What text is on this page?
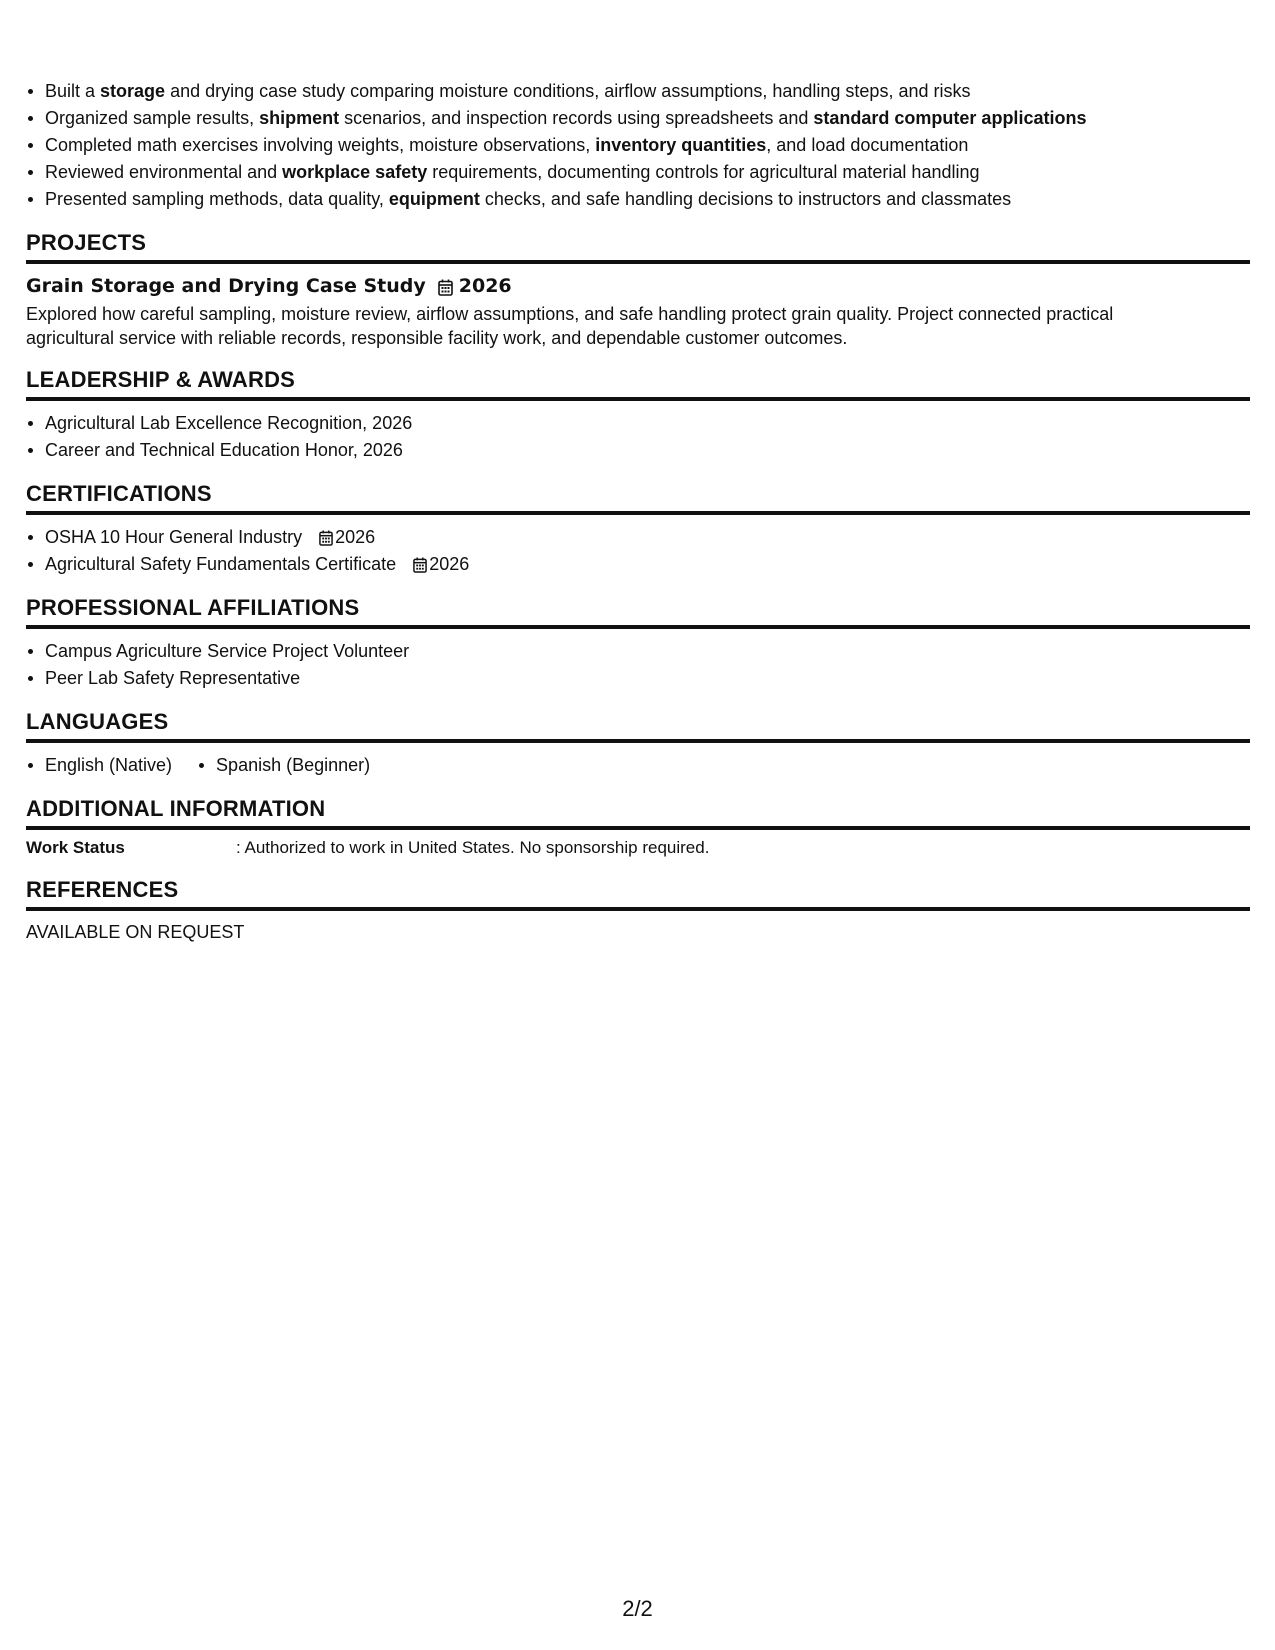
Built a storage and drying case study comparing moisture conditions, airflow assumptions, handling steps, and risks
Organized sample results, shipment scenarios, and inspection records using spreadsheets and standard computer applications
Completed math exercises involving weights, moisture observations, inventory quantities, and load documentation
Reviewed environmental and workplace safety requirements, documenting controls for agricultural material handling
Presented sampling methods, data quality, equipment checks, and safe handling decisions to instructors and classmates
PROJECTS
Grain Storage and Drying Case Study 2026
Explored how careful sampling, moisture review, airflow assumptions, and safe handling protect grain quality. Project connected practical agricultural service with reliable records, responsible facility work, and dependable customer outcomes.
LEADERSHIP & AWARDS
Agricultural Lab Excellence Recognition, 2026
Career and Technical Education Honor, 2026
CERTIFICATIONS
OSHA 10 Hour General Industry 2026
Agricultural Safety Fundamentals Certificate 2026
PROFESSIONAL AFFILIATIONS
Campus Agriculture Service Project Volunteer
Peer Lab Safety Representative
LANGUAGES
English (Native) Spanish (Beginner)
ADDITIONAL INFORMATION
Work Status	: Authorized to work in United States. No sponsorship required.
REFERENCES
AVAILABLE ON REQUEST
2/2
